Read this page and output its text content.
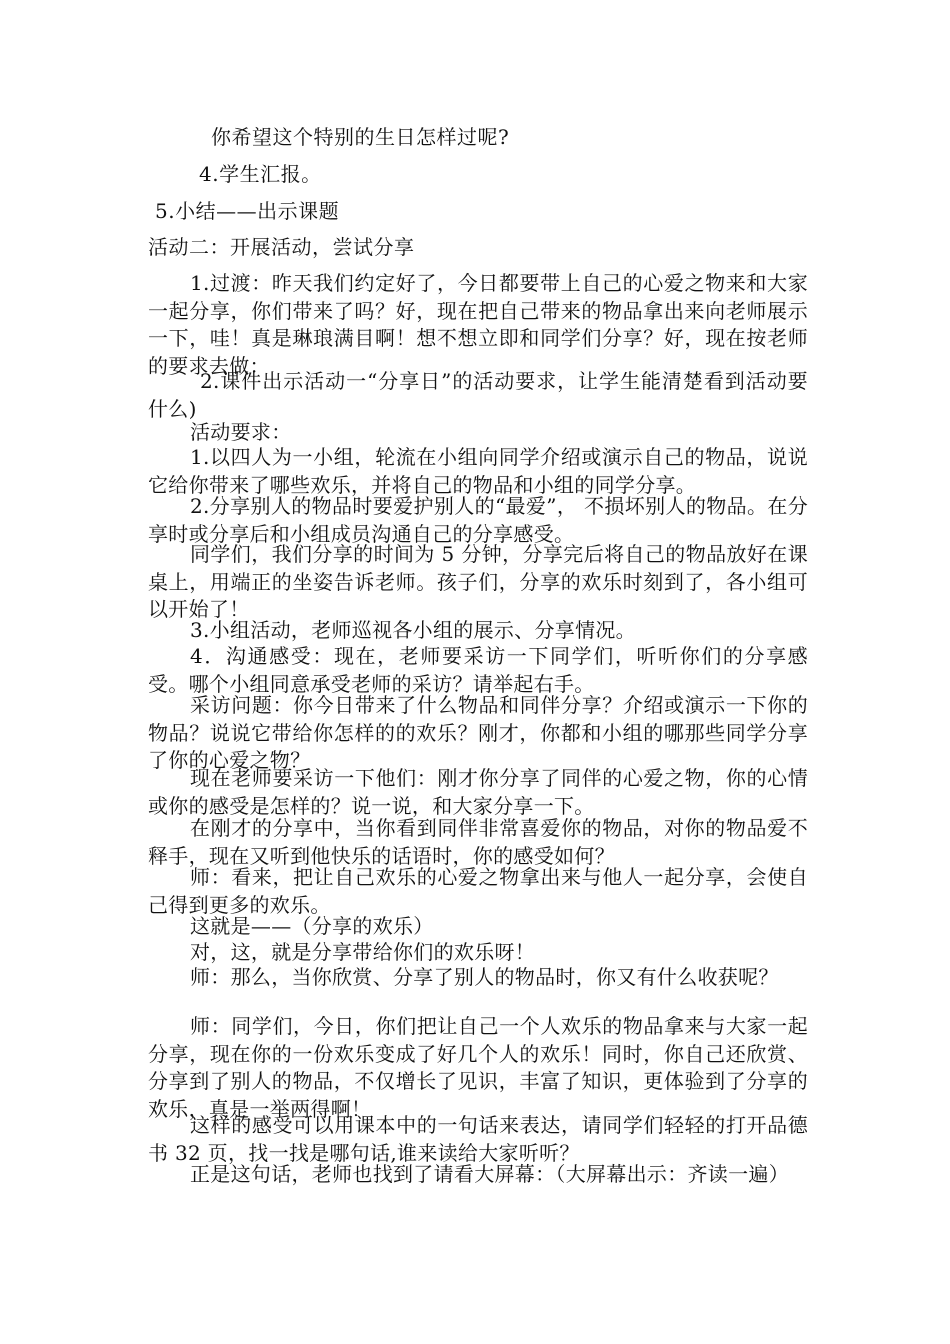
你希望这个特别的生日怎样过呢?
4.学生汇报。
5.小结——出示课题
活动二：开展活动，尝试分享

1.过渡：昨天我们约定好了，今日都要带上自己的心爱之物来和大家一起分享，你们带来了吗？好，现在把自己带来的物品拿出来向老师展示一下，哇！真是琳琅满目啊！想不想立即和同学们分享？好，现在按老师的要求去做：

2.课件出示活动一“分享日”的活动要求，让学生能清楚看到活动要什么)

活动要求：

1.以四人为一小组，轮流在小组向同学介绍或演示自己的物品，说说它给你带来了哪些欢乐，并将自己的物品和小组的同学分享。

2.分享别人的物品时要爱护别人的“最爱”， 不损坏别人的物品。在分享时或分享后和小组成员沟通自己的分享感受。

同学们，我们分享的时间为 5 分钟，分享完后将自己的物品放好在课桌上，用端正的坐姿告诉老师。孩子们，分享的欢乐时刻到了，各小组可以开始了！

3.小组活动，老师巡视各小组的展示、分享情况。

4．沟通感受：现在，老师要采访一下同学们，听听你们的分享感受。哪个小组同意承受老师的采访？请举起右手。

采访问题：你今日带来了什么物品和同伴分享？介绍或演示一下你的物品？说说它带给你怎样的的欢乐？刚才，你都和小组的哪那些同学分享了你的心爱之物？

现在老师要采访一下他们：刚才你分享了同伴的心爱之物，你的心情或你的感受是怎样的？说一说，和大家分享一下。

在刚才的分享中，当你看到同伴非常喜爱你的物品，对你的物品爱不释手，现在又听到他快乐的话语时，你的感受如何？

师：看来，把让自己欢乐的心爱之物拿出来与他人一起分享，会使自己得到更多的欢乐。

这就是——（分享的欢乐）

对，这，就是分享带给你们的欢乐呀！

师：那么，当你欣赏、分享了别人的物品时，你又有什么收获呢？

师：同学们，今日，你们把让自己一个人欢乐的物品拿来与大家一起分享，现在你的一份欢乐变成了好几个人的欢乐！同时，你自己还欣赏、分享到了别人的物品，不仅增长了见识，丰富了知识，更体验到了分享的欢乐，真是一举两得啊！

这样的感受可以用课本中的一句话来表达，请同学们轻轻的打开品德书 32 页，找一找是哪句话,谁来读给大家听听？

正是这句话，老师也找到了请看大屏幕：（大屏幕出示：齐读一遍）
